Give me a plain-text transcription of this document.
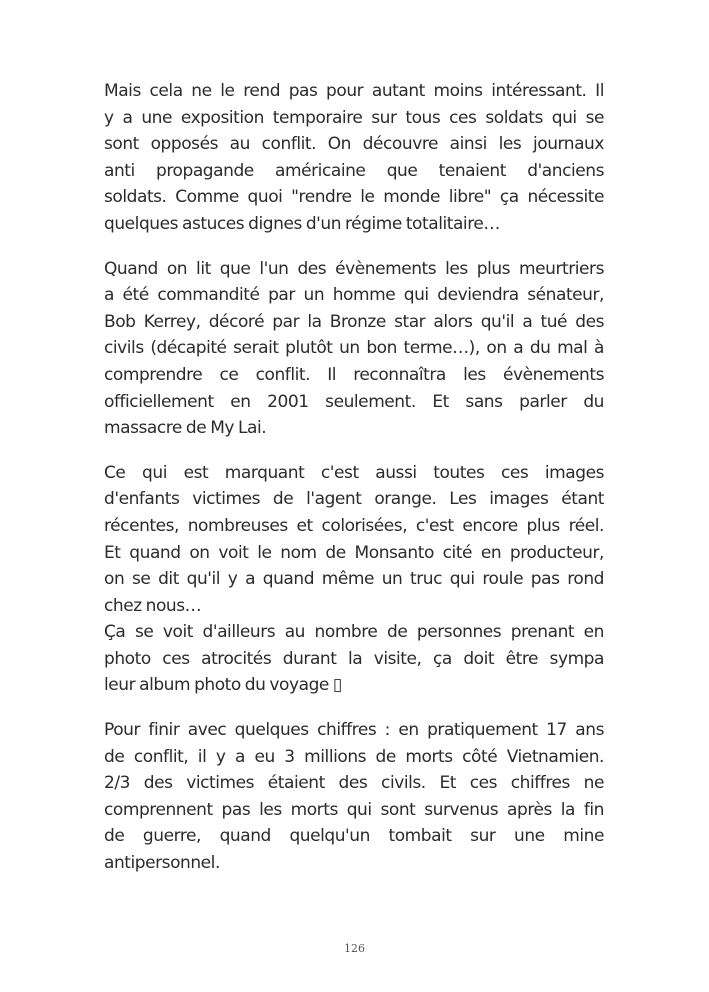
Mais cela ne le rend pas pour autant moins intéressant. Il
y a une exposition temporaire sur tous ces soldats qui se
sont opposés au conflit. On découvre ainsi les journaux
anti propagande américaine que tenaient d'anciens
soldats. Comme quoi "rendre le monde libre" ça nécessite
quelques astuces dignes d'un régime totalitaire…

Quand on lit que l'un des évènements les plus meurtriers
a été commandité par un homme qui deviendra sénateur,
Bob Kerrey, décoré par la Bronze star alors qu'il a tué des
civils (décapité serait plutôt un bon terme…), on a du mal à
comprendre ce conflit. Il reconnaîtra les évènements
officiellement en 2001 seulement. Et sans parler du
massacre de My Lai.

Ce qui est marquant c'est aussi toutes ces images
d'enfants victimes de l'agent orange. Les images étant
récentes, nombreuses et colorisées, c'est encore plus réel.
Et quand on voit le nom de Monsanto cité en producteur,
on se dit qu'il y a quand même un truc qui roule pas rond
chez nous…
Ça se voit d'ailleurs au nombre de personnes prenant en
photo ces atrocités durant la visite, ça doit être sympa
leur album photo du voyage ▯

Pour finir avec quelques chiffres : en pratiquement 17 ans
de conflit, il y a eu 3 millions de morts côté Vietnamien.
2/3 des victimes étaient des civils. Et ces chiffres ne
comprennent pas les morts qui sont survenus après la fin
de guerre, quand quelqu'un tombait sur une mine
antipersonnel.

126
